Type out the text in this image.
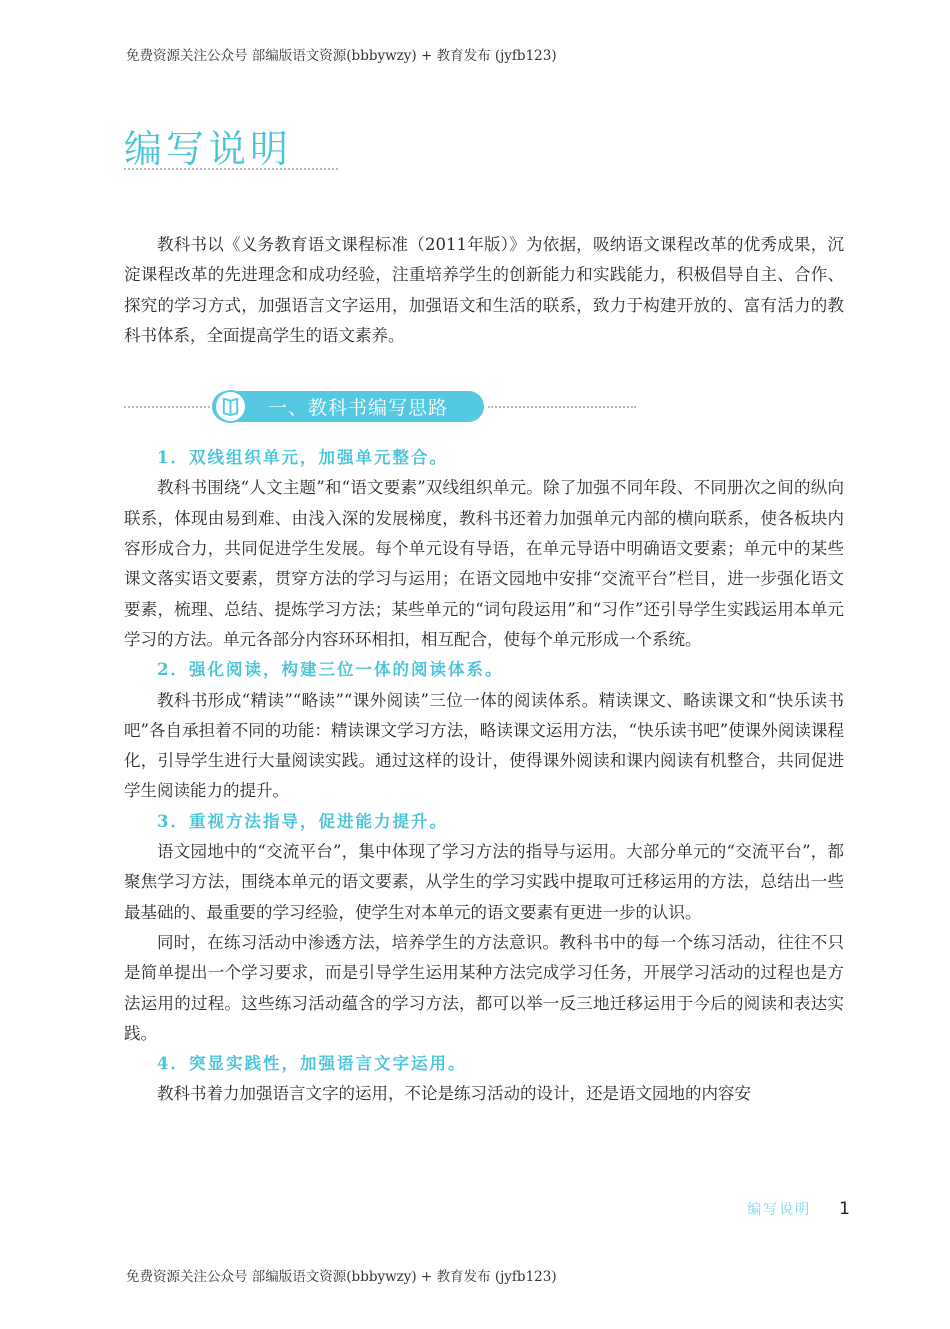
免费资源关注公众号 部编版语文资源(bbbywzy) + 教育发布 (jyfb123)
编写说明

教科书以《义务教育语文课程标准（2011年版）》为依据，吸纳语文课程改革的优秀成果，沉淀课程改革的先进理念和成功经验，注重培养学生的创新能力和实践能力，积极倡导自主、合作、探究的学习方式，加强语言文字运用，加强语文和生活的联系，致力于构建开放的、富有活力的教科书体系，全面提高学生的语文素养。

一、教科书编写思路

1．双线组织单元，加强单元整合。

教科书围绕“人文主题”和“语文要素”双线组织单元。除了加强不同年段、不同册次之间的纵向联系，体现由易到难、由浅入深的发展梯度，教科书还着力加强单元内部的横向联系，使各板块内容形成合力，共同促进学生发展。每个单元设有导语，在单元导语中明确语文要素；单元中的某些课文落实语文要素，贯穿方法的学习与运用；在语文园地中安排“交流平台”栏目，进一步强化语文要素，梳理、总结、提炼学习方法；某些单元的“词句段运用”和“习作”还引导学生实践运用本单元学习的方法。单元各部分内容环环相扣，相互配合，使每个单元形成一个系统。

2．强化阅读，构建三位一体的阅读体系。

教科书形成“精读”“略读”“课外阅读”三位一体的阅读体系。精读课文、略读课文和“快乐读书吧”各自承担着不同的功能：精读课文学习方法，略读课文运用方法，“快乐读书吧”使课外阅读课程化，引导学生进行大量阅读实践。通过这样的设计，使得课外阅读和课内阅读有机整合，共同促进学生阅读能力的提升。

3．重视方法指导，促进能力提升。

语文园地中的“交流平台”，集中体现了学习方法的指导与运用。大部分单元的“交流平台”，都聚焦学习方法，围绕本单元的语文要素，从学生的学习实践中提取可迁移运用的方法，总结出一些最基础的、最重要的学习经验，使学生对本单元的语文要素有更进一步的认识。

同时，在练习活动中渗透方法，培养学生的方法意识。教科书中的每一个练习活动，往往不只是简单提出一个学习要求，而是引导学生运用某种方法完成学习任务，开展学习活动的过程也是方法运用的过程。这些练习活动蕴含的学习方法，都可以举一反三地迁移运用于今后的阅读和表达实践。

4．突显实践性，加强语言文字运用。

教科书着力加强语言文字的运用，不论是练习活动的设计，还是语文园地的内容安

编写说明 1
免费资源关注公众号 部编版语文资源(bbbywzy) + 教育发布 (jyfb123)
